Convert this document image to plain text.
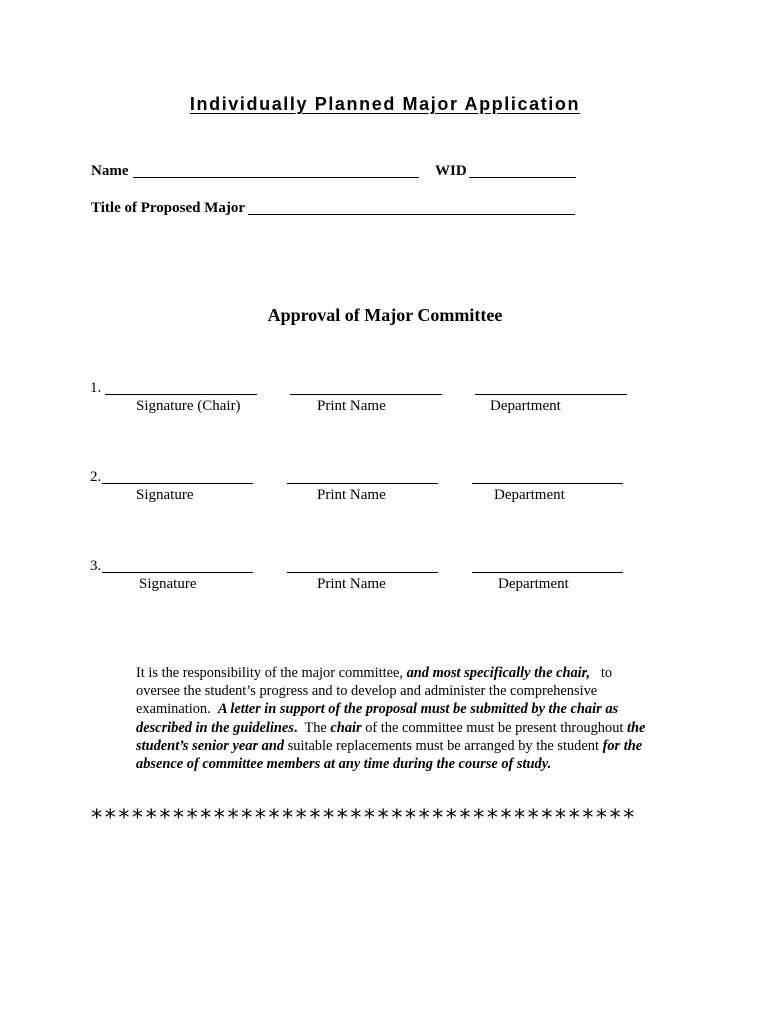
Individually Planned Major Application
Name	WID
Title of Proposed Major
Approval of Major Committee
1.
Signature (Chair)	Print Name	Department
2.
Signature	Print Name	Department
3.
Signature	Print Name	Department
It is the responsibility of the major committee, and most specifically the chair,   to
oversee the student’s progress and to develop and administer the comprehensive
examination.  A letter in support of the proposal must be submitted by the chair as
described in the guidelines.  The chair of the committee must be present throughout the
student’s senior year and suitable replacements must be arranged by the student for the
absence of committee members at any time during the course of study.
****************************************
